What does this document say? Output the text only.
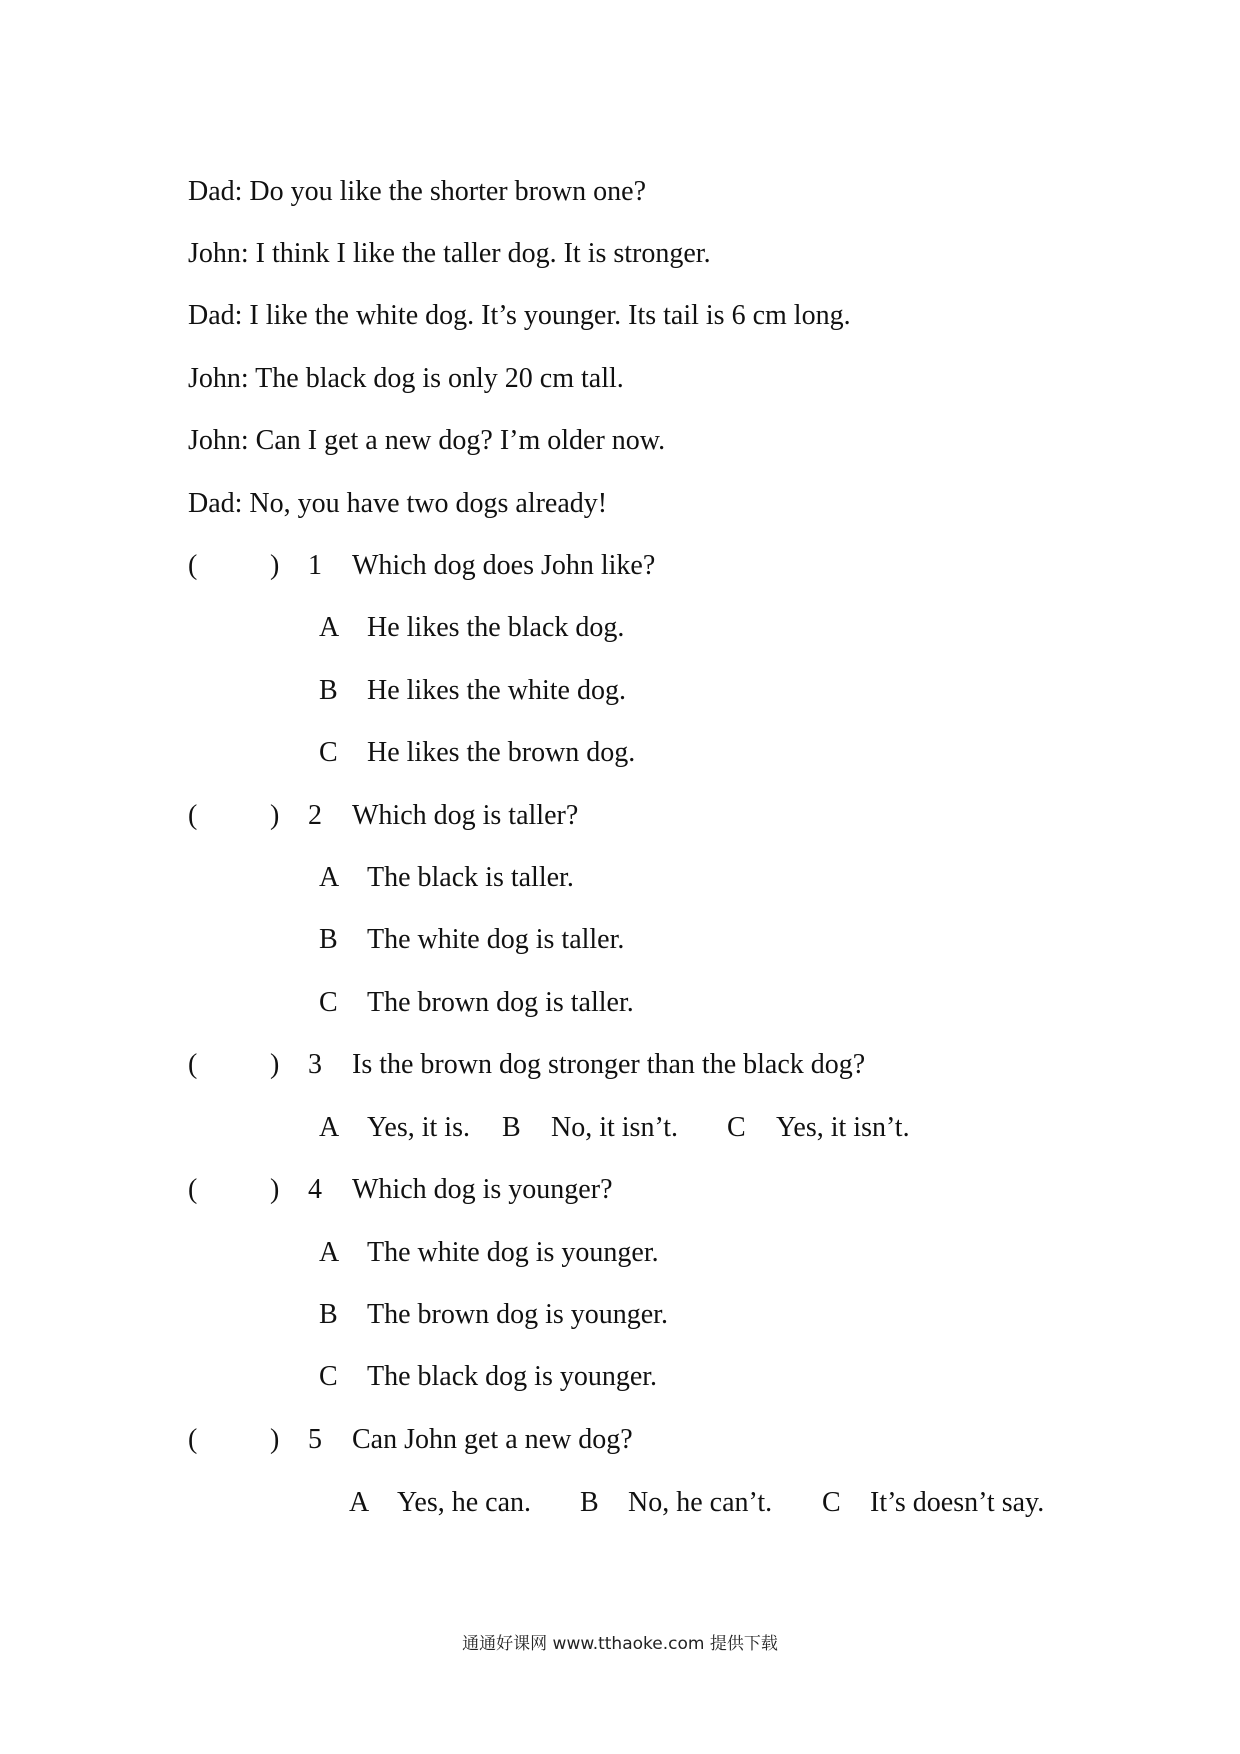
Dad: Do you like the shorter brown one?
John: I think I like the taller dog. It is stronger.
Dad: I like the white dog. It’s younger. Its tail is 6 cm long.
John: The black dog is only 20 cm tall.
John: Can I get a new dog? I’m older now.
Dad: No, you have two dogs already!
(	) 1 Which dog does John like?
A He likes the black dog.
B He likes the white dog.
C He likes the brown dog.
(	) 2 Which dog is taller?
A The black is taller.
B The white dog is taller.
C The brown dog is taller.
(	) 3 Is the brown dog stronger than the black dog?
A Yes, it is. B No, it isn’t. C Yes, it isn’t.
(	) 4 Which dog is younger?
A The white dog is younger.
B The brown dog is younger.
C The black dog is younger.
(	) 5 Can John get a new dog?
A Yes, he can. B No, he can’t. C It’s doesn’t say.
通通好课网 www.tthaoke.com 提供下载
